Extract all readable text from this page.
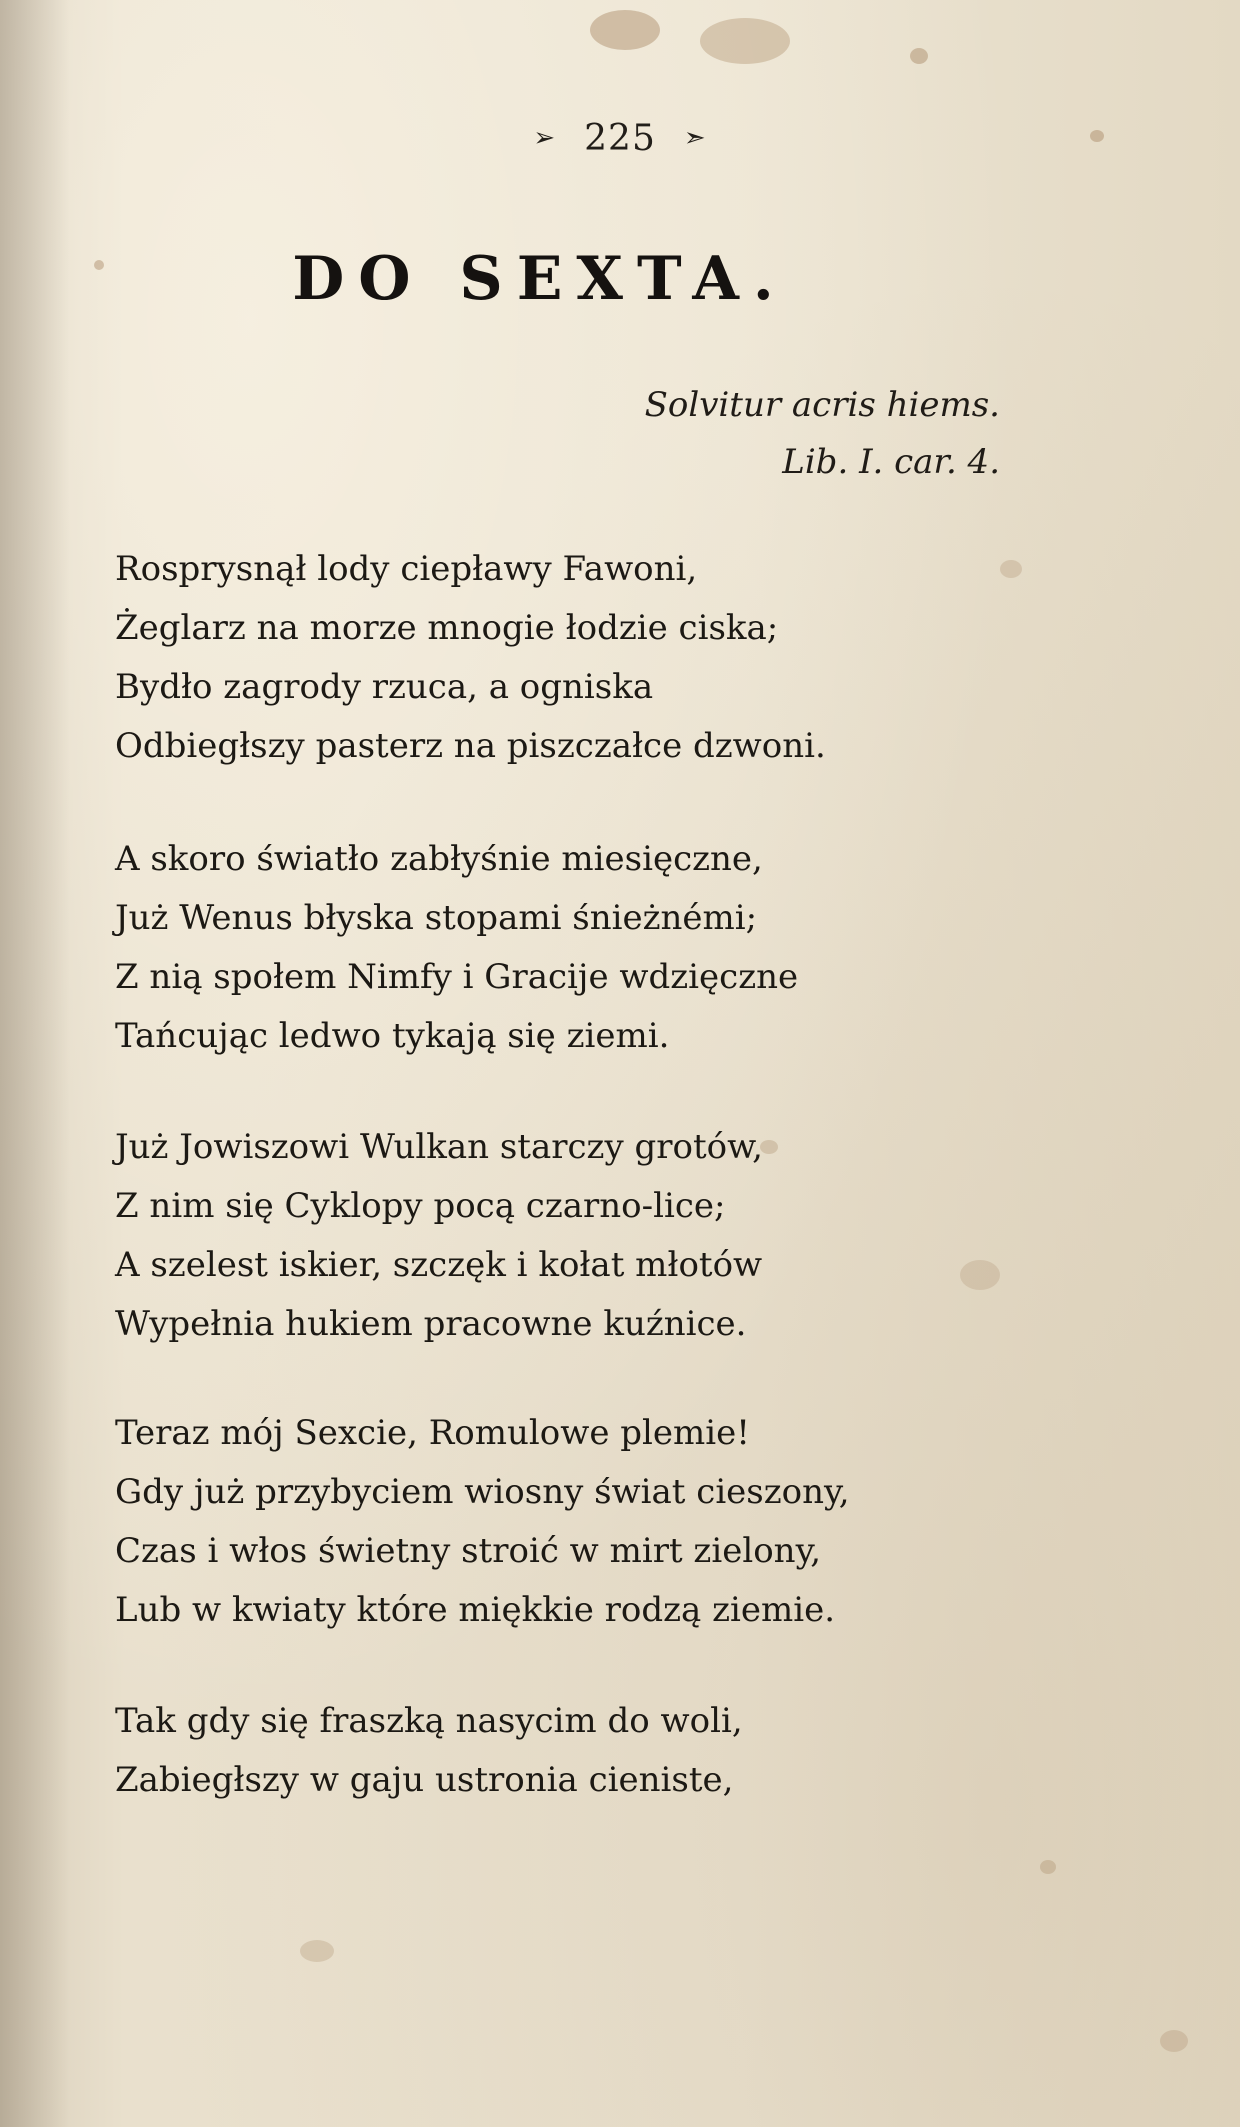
➢ 225 ➣
DO SEXTA.
Solvitur acris hiems.
Lib. I. car. 4.
Rosprysnął lody ciepławy Fawoni,
Żeglarz na morze mnogie łodzie ciska;
Bydło zagrody rzuca, a ogniska
Odbiegłszy pasterz na piszczałce dzwoni.
A skoro światło zabłyśnie miesięczne,
Już Wenus błyska stopami śnieżnémi;
Z nią społem Nimfy i Gracije wdzięczne
Tańcując ledwo tykają się ziemi.
Już Jowiszowi Wulkan starczy grotów,
Z nim się Cyklopy pocą czarno-lice;
A szelest iskier, szczęk i kołat młotów
Wypełnia hukiem pracowne kuźnice.
Teraz mój Sexcie, Romulowe plemie!
Gdy już przybyciem wiosny świat cieszony,
Czas i włos świetny stroić w mirt zielony,
Lub w kwiaty które miękkie rodzą ziemie.
Tak gdy się fraszką nasycim do woli,
Zabiegłszy w gaju ustronia cieniste,
